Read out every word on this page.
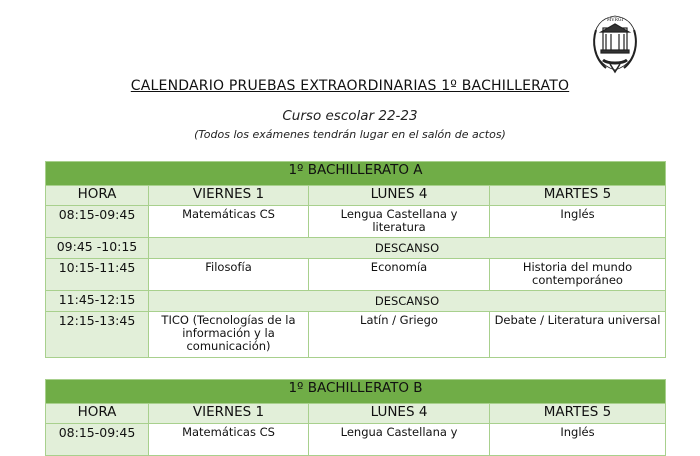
MVRGI
CALENDARIO PRUEBAS EXTRAORDINARIAS 1º BACHILLERATO
Curso escolar 22-23
(Todos los exámenes tendrán lugar en el salón de actos)
1º BACHILLERATO A			
HORA	VIERNES 1	LUNES 4	MARTES 5
08:15-09:45	Matemáticas CS	Lengua Castellana y literatura	Inglés
09:45 -10:15	DESCANSO		
10:15-11:45	Filosofía	Economía	Historia del mundo contemporáneo
11:45-12:15	DESCANSO		
12:15-13:45	TICO (Tecnologías de la información y la comunicación)	Latín / Griego	Debate / Literatura universal
1º BACHILLERATO B			
HORA	VIERNES 1	LUNES 4	MARTES 5
08:15-09:45	Matemáticas CS	Lengua Castellana y	Inglés
